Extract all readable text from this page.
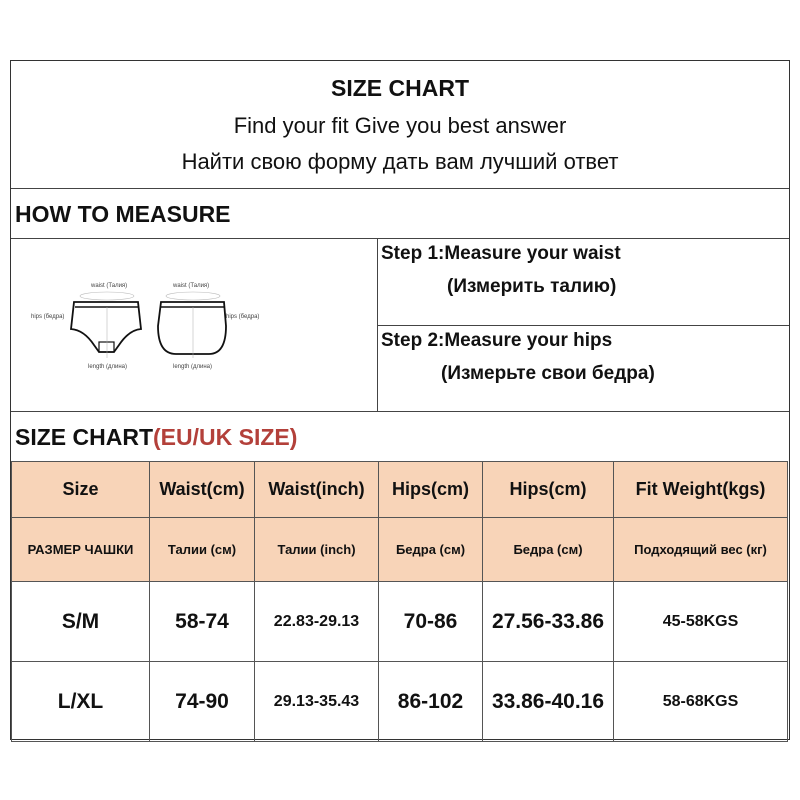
SIZE CHART
Find your fit Give you best answer
Найти свою форму дать вам лучший ответ
HOW TO MEASURE
waist (Талия)	waist (Талия)
hips (бедра)	hips (бедра)
length (длина)	length (длина)
Step 1:Measure your waist
(Измерить талию)
Step 2:Measure your hips
(Измерьте свои бедра)
SIZE CHART(EU/UK SIZE)
Size	Waist(cm)	Waist(inch)	Hips(cm)	Hips(cm)	Fit Weight(kgs)
РАЗМЕР ЧАШКИ	Талии (см)	Талии (inch)	Бедра (см)	Бедра (см)	Подходящий вес (кг)
S/M	58-74	22.83-29.13	70-86	27.56-33.86	45-58KGS
L/XL	74-90	29.13-35.43	86-102	33.86-40.16	58-68KGS
